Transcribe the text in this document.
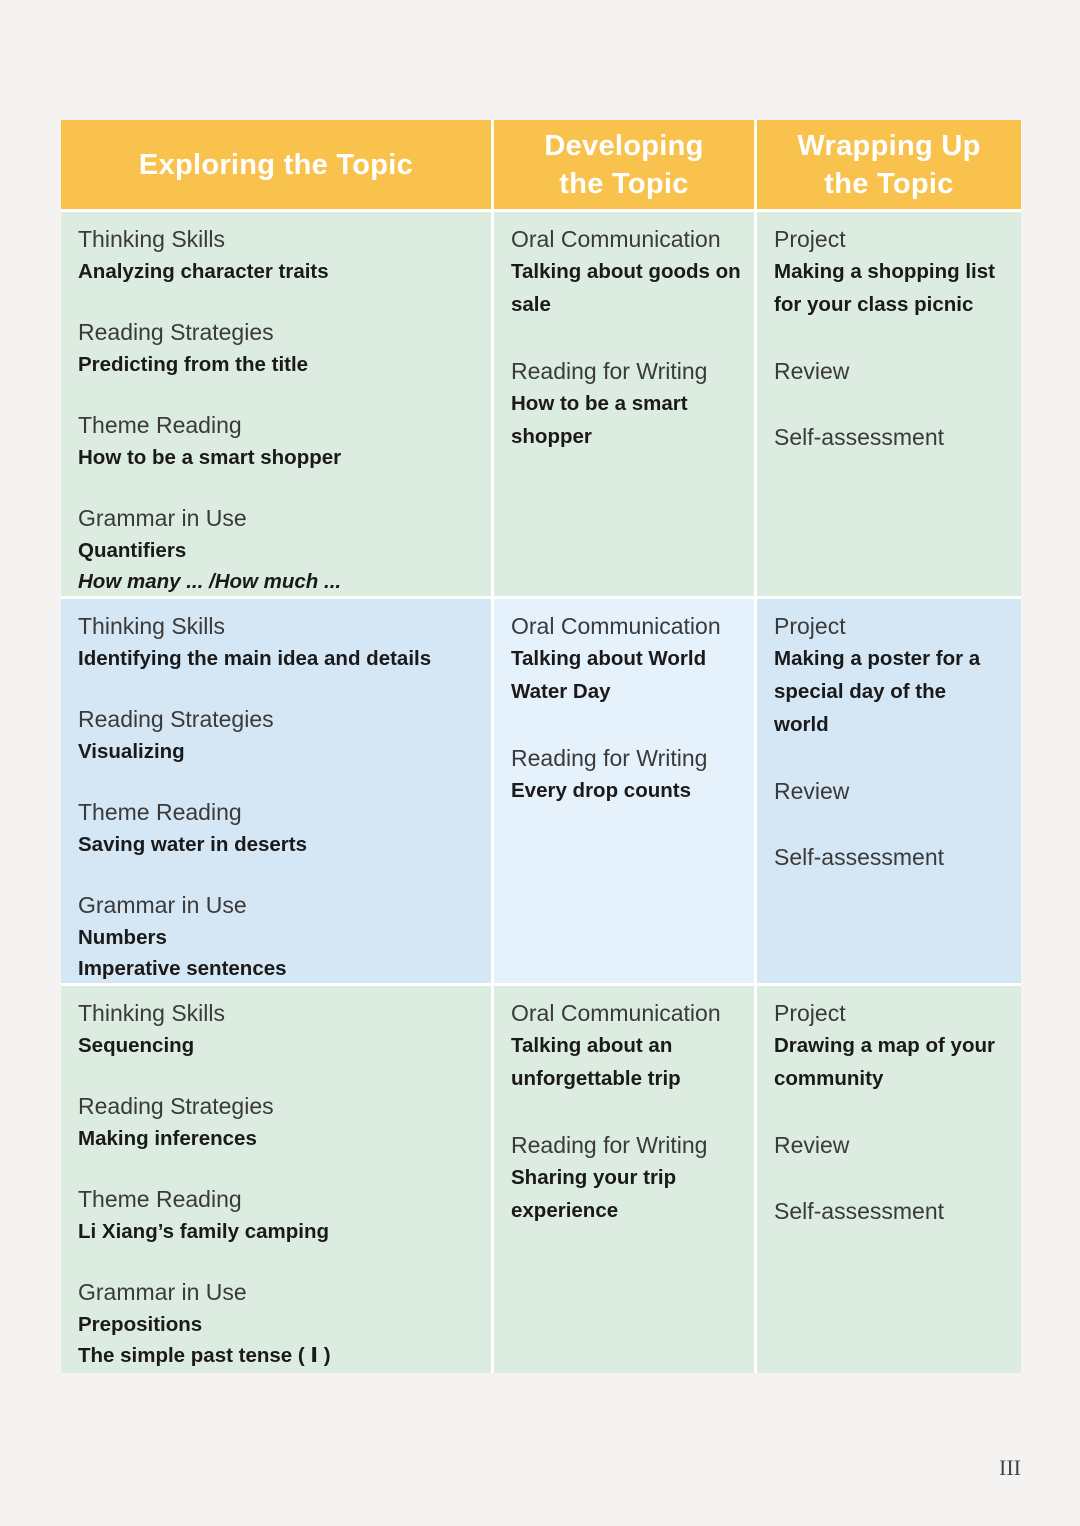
Exploring the Topic
Developing the Topic
Wrapping Up the Topic
Thinking Skills
Analyzing character traits
Reading Strategies
Predicting from the title
Theme Reading
How to be a smart shopper
Grammar in Use
Quantifiers
How many ... /How much ...
Oral Communication
Talking about goods on sale
Reading for Writing
How to be a smart shopper
Project
Making a shopping list for your class picnic
Review
Self-assessment
Thinking Skills
Identifying the main idea and details
Reading Strategies
Visualizing
Theme Reading
Saving water in deserts
Grammar in Use
Numbers
Imperative sentences
Oral Communication
Talking about World Water Day
Reading for Writing
Every drop counts
Project
Making a poster for a special day of the world
Review
Self-assessment
Thinking Skills
Sequencing
Reading Strategies
Making inferences
Theme Reading
Li Xiang’s family camping
Grammar in Use
Prepositions
The simple past tense ( Ⅰ )
Oral Communication
Talking about an unforgettable trip
Reading for Writing
Sharing your trip experience
Project
Drawing a map of your community
Review
Self-assessment
III
